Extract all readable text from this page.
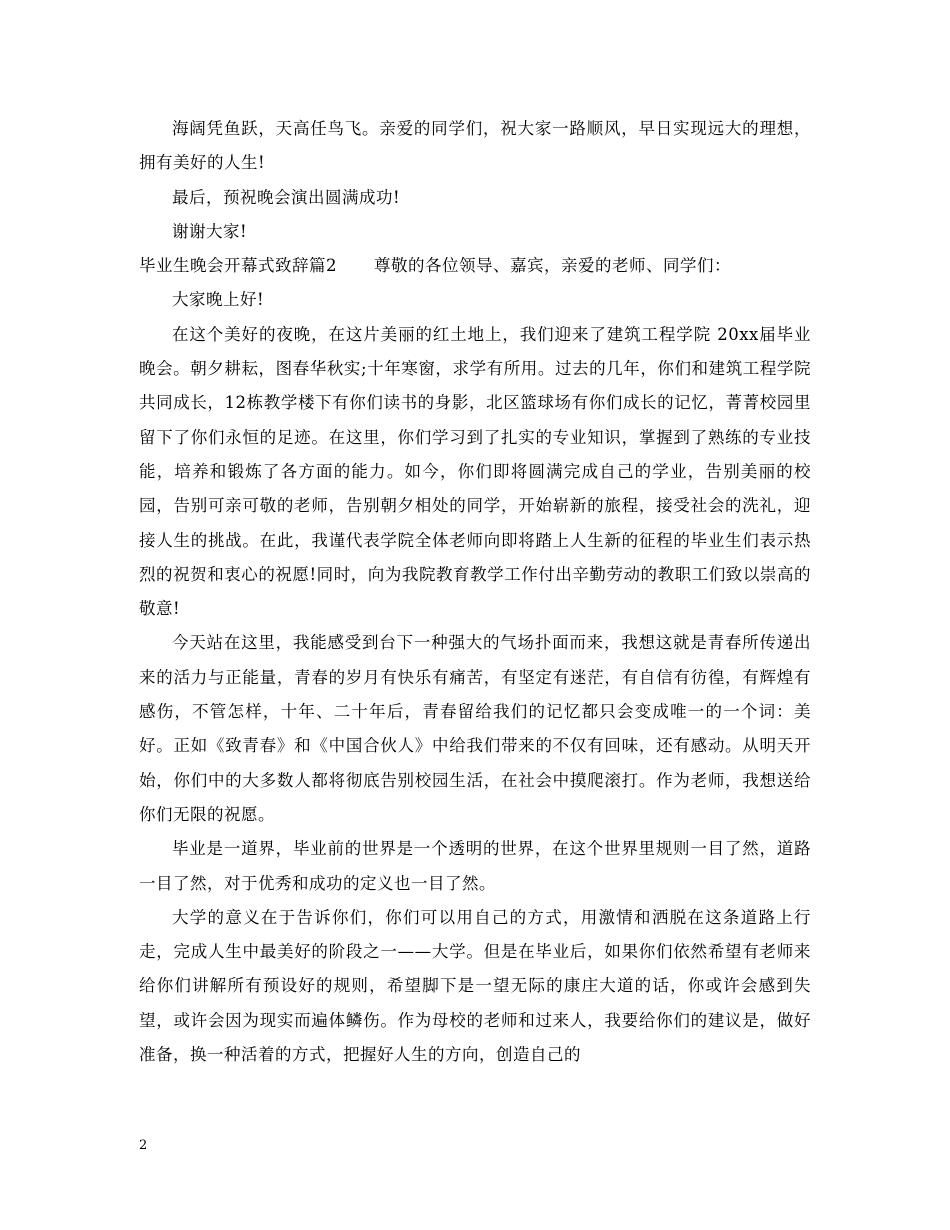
海阔凭鱼跃，天高任鸟飞。亲爱的同学们，祝大家一路顺风，早日实现远大的理想，拥有美好的人生!

最后，预祝晚会演出圆满成功!

谢谢大家!

毕业生晚会开幕式致辞篇2 尊敬的各位领导、嘉宾，亲爱的老师、同学们：

大家晚上好!

在这个美好的夜晚，在这片美丽的红土地上，我们迎来了建筑工程学院 20xx届毕业晚会。朝夕耕耘，图春华秋实;十年寒窗，求学有所用。过去的几年，你们和建筑工程学院共同成长，12栋教学楼下有你们读书的身影，北区篮球场有你们成长的记忆，菁菁校园里留下了你们永恒的足迹。在这里，你们学习到了扎实的专业知识，掌握到了熟练的专业技能，培养和锻炼了各方面的能力。如今，你们即将圆满完成自己的学业，告别美丽的校园，告别可亲可敬的老师，告别朝夕相处的同学，开始崭新的旅程，接受社会的洗礼，迎接人生的挑战。在此，我谨代表学院全体老师向即将踏上人生新的征程的毕业生们表示热烈的祝贺和衷心的祝愿!同时，向为我院教育教学工作付出辛勤劳动的教职工们致以崇高的敬意!

今天站在这里，我能感受到台下一种强大的气场扑面而来，我想这就是青春所传递出来的活力与正能量，青春的岁月有快乐有痛苦，有坚定有迷茫，有自信有彷徨，有辉煌有感伤，不管怎样，十年、二十年后，青春留给我们的记忆都只会变成唯一的一个词：美好。正如《致青春》和《中国合伙人》中给我们带来的不仅有回味，还有感动。从明天开始，你们中的大多数人都将彻底告别校园生活，在社会中摸爬滚打。作为老师，我想送给你们无限的祝愿。

毕业是一道界，毕业前的世界是一个透明的世界，在这个世界里规则一目了然，道路一目了然，对于优秀和成功的定义也一目了然。

大学的意义在于告诉你们，你们可以用自己的方式，用激情和洒脱在这条道路上行走，完成人生中最美好的阶段之一——大学。但是在毕业后，如果你们依然希望有老师来给你们讲解所有预设好的规则，希望脚下是一望无际的康庄大道的话，你或许会感到失望，或许会因为现实而遍体鳞伤。作为母校的老师和过来人，我要给你们的建议是，做好准备，换一种活着的方式，把握好人生的方向，创造自己的

2
